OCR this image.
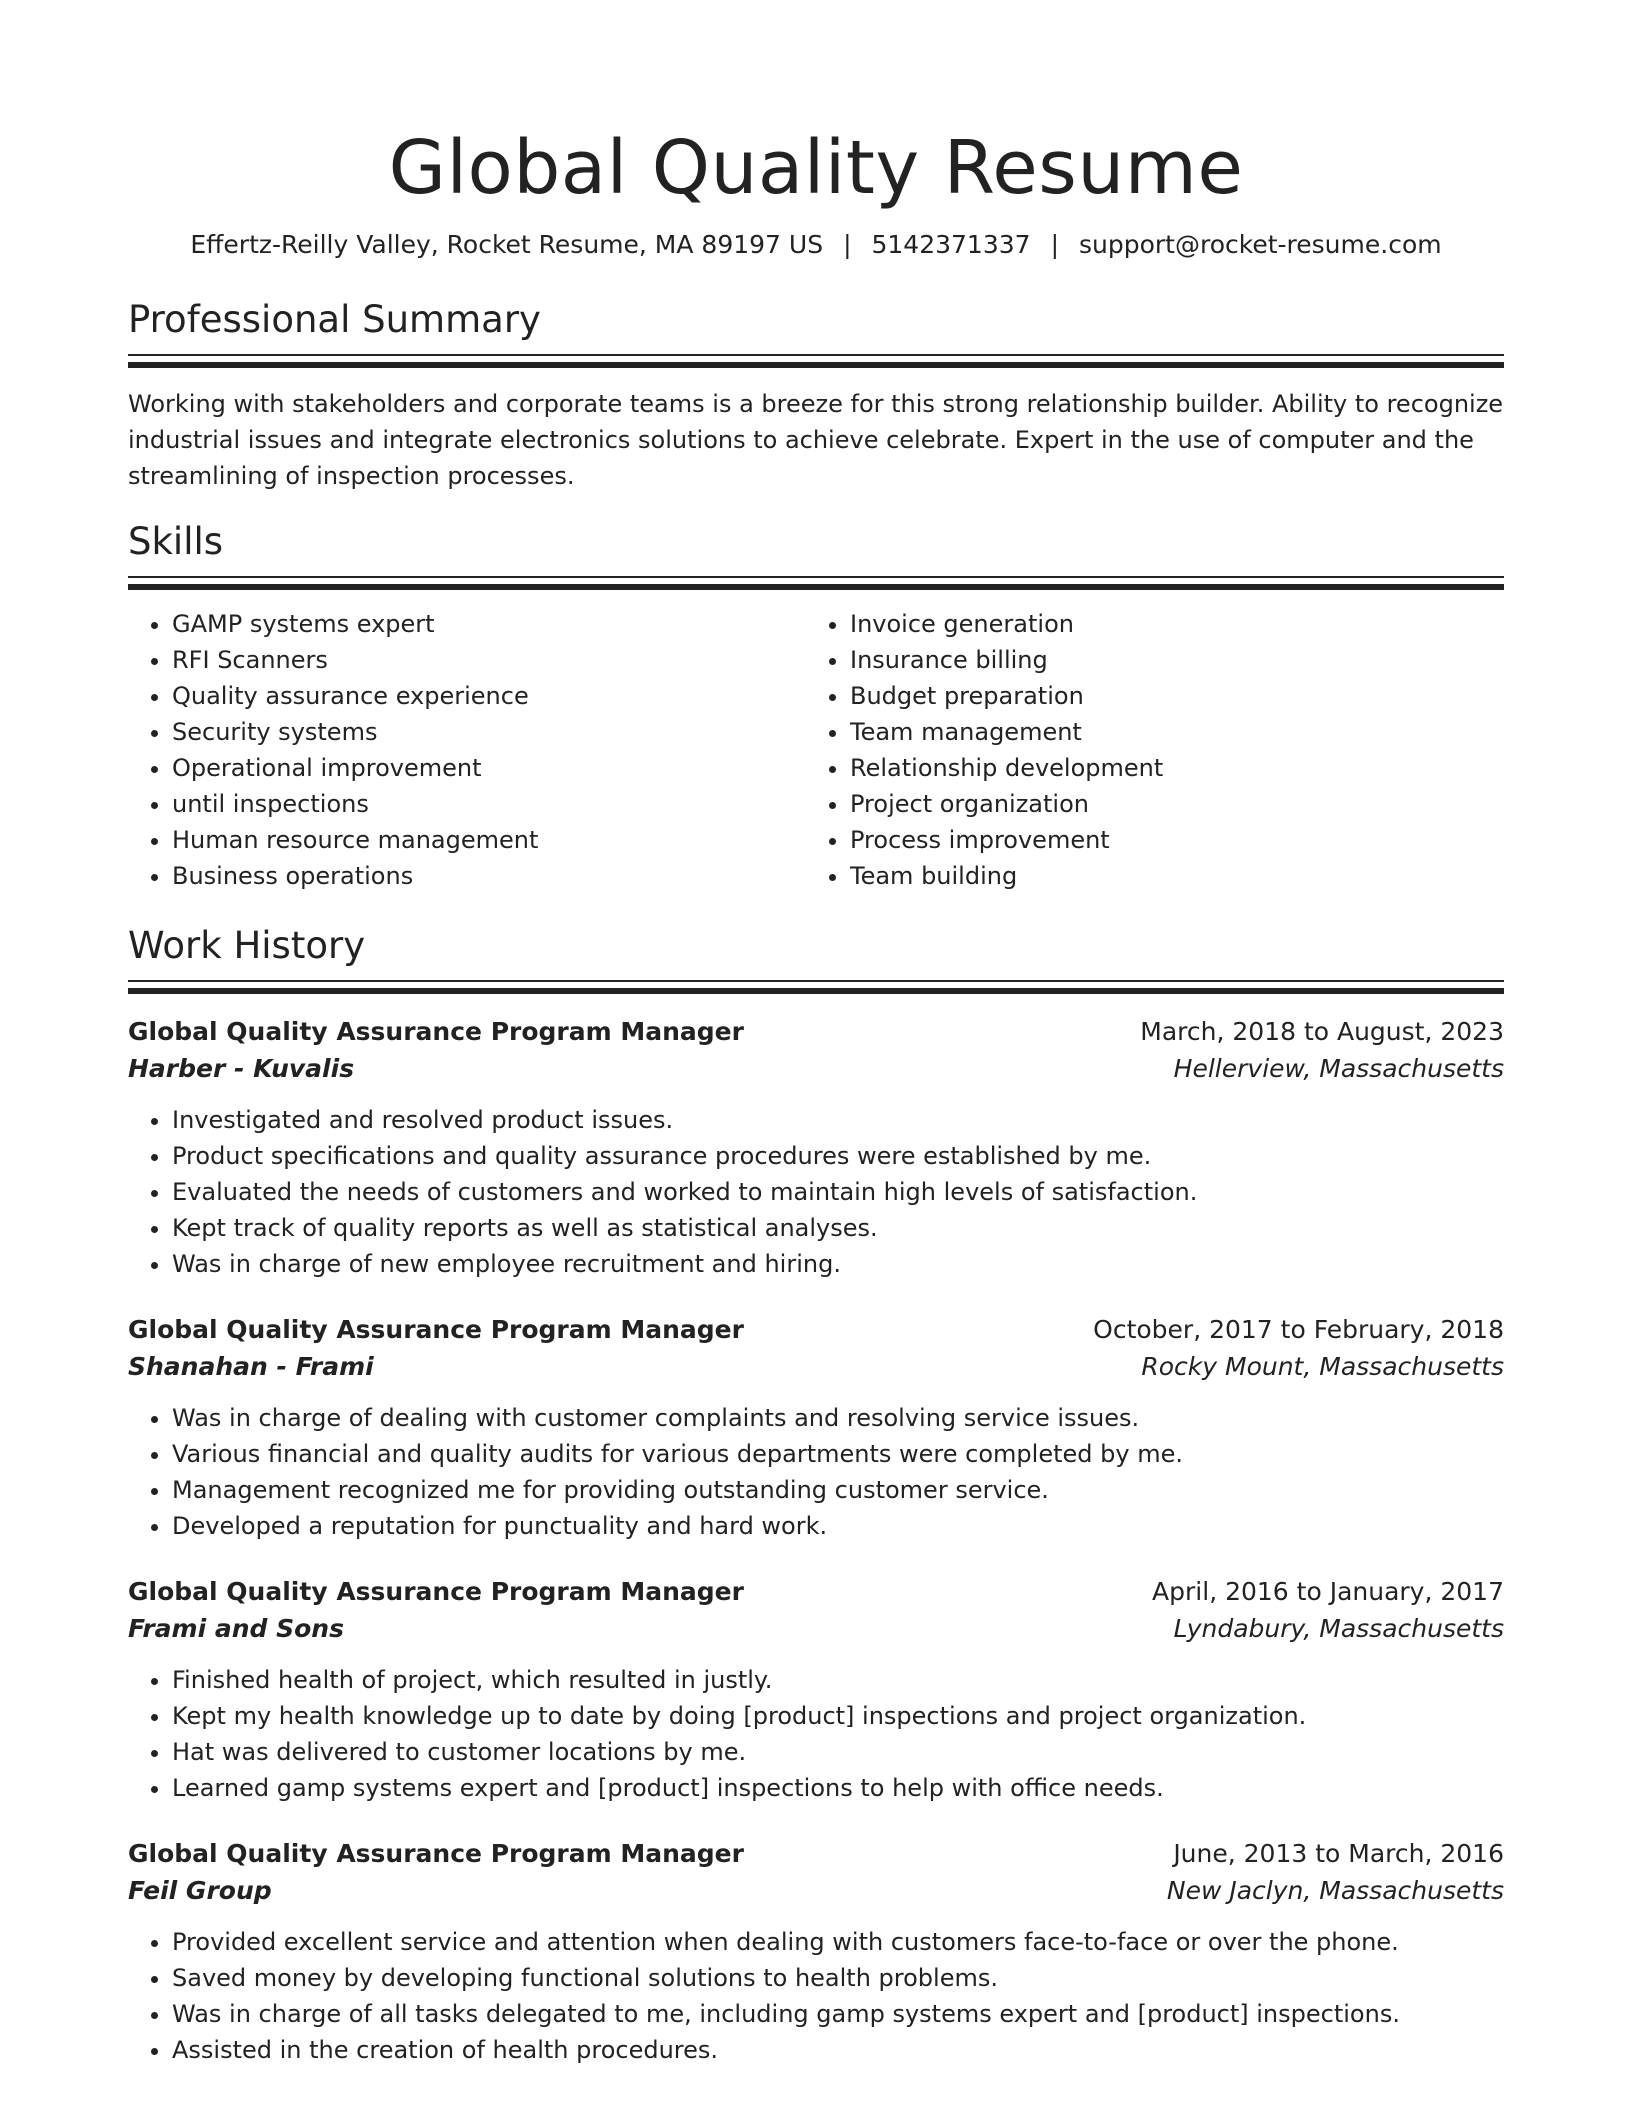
Global Quality Resume
Effertz-Reilly Valley, Rocket Resume, MA 89197 US | 5142371337 | support@rocket-resume.com
Professional Summary

Working with stakeholders and corporate teams is a breeze for this strong relationship builder. Ability to recognize industrial issues and integrate electronics solutions to achieve celebrate. Expert in the use of computer and the streamlining of inspection processes.

Skills
• GAMP systems expert
• RFI Scanners
• Quality assurance experience
• Security systems
• Operational improvement
• until inspections
• Human resource management
• Business operations
• Invoice generation
• Insurance billing
• Budget preparation
• Team management
• Relationship development
• Project organization
• Process improvement
• Team building
Work History
Global Quality Assurance Program Manager	March, 2018 to August, 2023
Harber - Kuvalis	Hellerview, Massachusetts
• Investigated and resolved product issues.
• Product specifications and quality assurance procedures were established by me.
• Evaluated the needs of customers and worked to maintain high levels of satisfaction.
• Kept track of quality reports as well as statistical analyses.
• Was in charge of new employee recruitment and hiring.
Global Quality Assurance Program Manager	October, 2017 to February, 2018
Shanahan - Frami	Rocky Mount, Massachusetts
• Was in charge of dealing with customer complaints and resolving service issues.
• Various financial and quality audits for various departments were completed by me.
• Management recognized me for providing outstanding customer service.
• Developed a reputation for punctuality and hard work.
Global Quality Assurance Program Manager	April, 2016 to January, 2017
Frami and Sons	Lyndabury, Massachusetts
• Finished health of project, which resulted in justly.
• Kept my health knowledge up to date by doing [product] inspections and project organization.
• Hat was delivered to customer locations by me.
• Learned gamp systems expert and [product] inspections to help with office needs.
Global Quality Assurance Program Manager	June, 2013 to March, 2016
Feil Group	New Jaclyn, Massachusetts
• Provided excellent service and attention when dealing with customers face-to-face or over the phone.
• Saved money by developing functional solutions to health problems.
• Was in charge of all tasks delegated to me, including gamp systems expert and [product] inspections.
• Assisted in the creation of health procedures.
